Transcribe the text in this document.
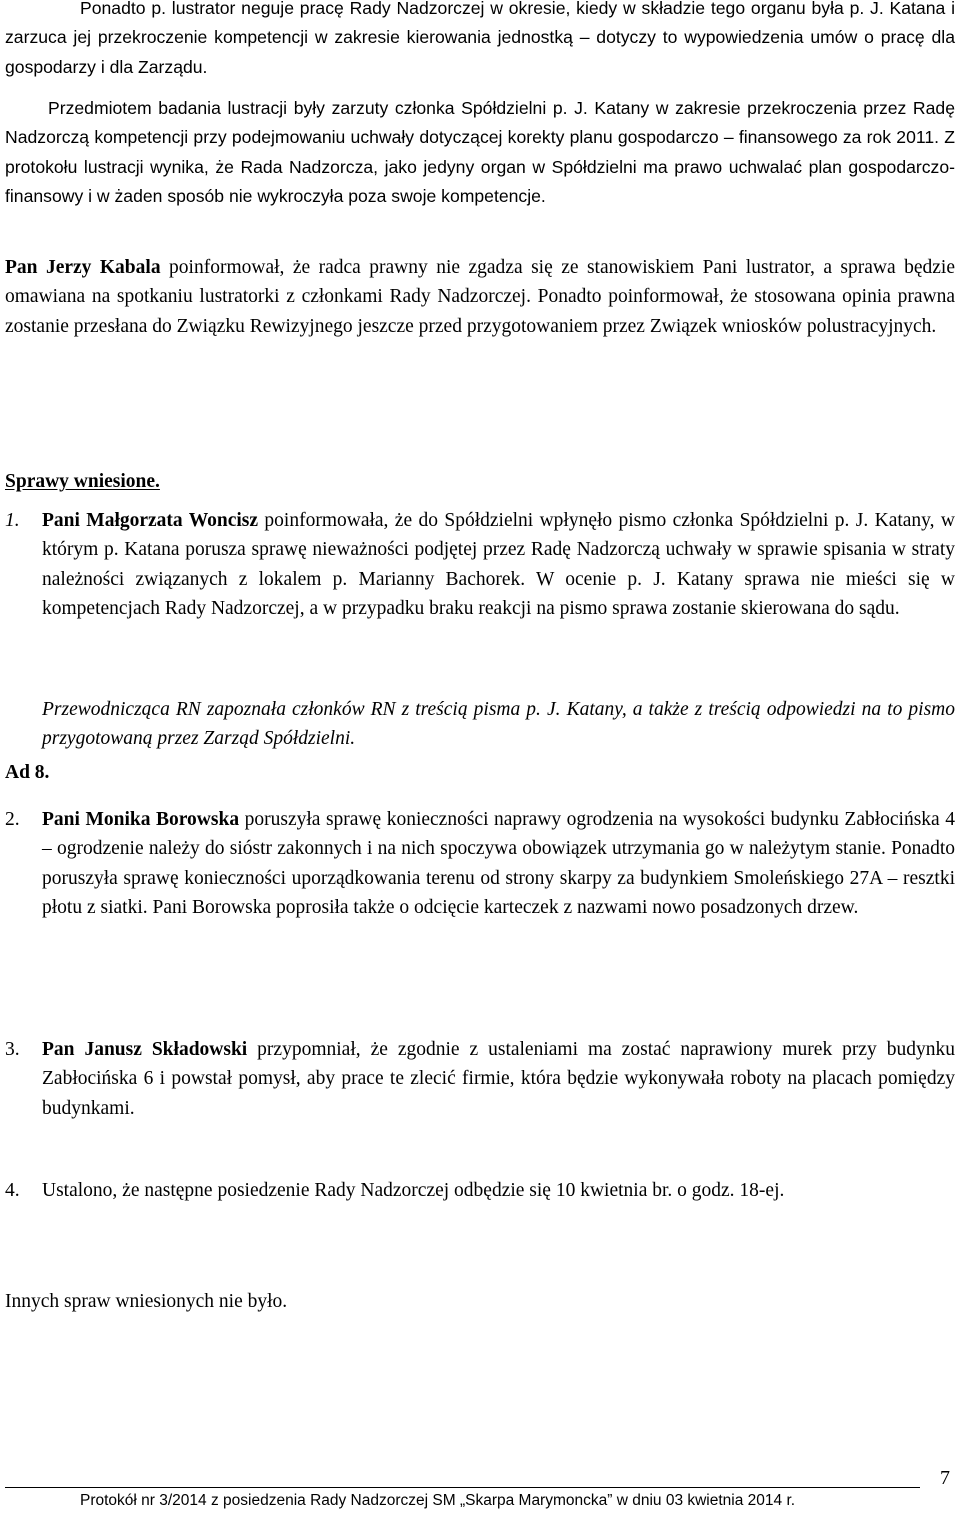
Ponadto p. lustrator neguje pracę Rady Nadzorczej w okresie, kiedy w składzie tego organu była p. J. Katana i zarzuca jej przekroczenie kompetencji w zakresie kierowania jednostką – dotyczy to wypowiedzenia umów o pracę dla gospodarzy i dla Zarządu.

Przedmiotem badania lustracji były zarzuty członka Spółdzielni p. J. Katany w zakresie przekroczenia przez Radę Nadzorczą kompetencji przy podejmowaniu uchwały dotyczącej korekty planu gospodarczo – finansowego za rok 2011. Z protokołu lustracji wynika, że Rada Nadzorcza, jako jedyny organ w Spółdzielni ma prawo uchwalać plan gospodarczo-finansowy i w żaden sposób nie wykroczyła poza swoje kompetencje.

Pan Jerzy Kabala poinformował, że radca prawny nie zgadza się ze stanowiskiem Pani lustrator, a sprawa będzie omawiana na spotkaniu lustratorki z członkami Rady Nadzorczej. Ponadto poinformował, że stosowana opinia prawna zostanie przesłana do Związku Rewizyjnego jeszcze przed przygotowaniem przez Związek wniosków polustracyjnych.

Ad 8.
Sprawy wniesione.
1. Pani Małgorzata Woncisz poinformowała, że do Spółdzielni wpłynęło pismo członka Spółdzielni p. J. Katany, w którym p. Katana porusza sprawę nieważności podjętej przez Radę Nadzorczą uchwały w sprawie spisania w straty należności związanych z lokalem p. Marianny Bachorek. W ocenie p. J. Katany sprawa nie mieści się w kompetencjach Rady Nadzorczej, a w przypadku braku reakcji na pismo sprawa zostanie skierowana do sądu.

Przewodnicząca RN zapoznała członków RN z treścią pisma p. J. Katany, a także z treścią odpowiedzi na to pismo przygotowaną przez Zarząd Spółdzielni.

2. Pani Monika Borowska poruszyła sprawę konieczności naprawy ogrodzenia na wysokości budynku Zabłocińska 4 – ogrodzenie należy do sióstr zakonnych i na nich spoczywa obowiązek utrzymania go w należytym stanie. Ponadto poruszyła sprawę konieczności uporządkowania terenu od strony skarpy za budynkiem Smoleńskiego 27A – resztki płotu z siatki. Pani Borowska poprosiła także o odcięcie karteczek z nazwami nowo posadzonych drzew.

3. Pan Janusz Składowski przypomniał, że zgodnie z ustaleniami ma zostać naprawiony murek przy budynku Zabłocińska 6 i powstał pomysł, aby prace te zlecić firmie, która będzie wykonywała roboty na placach pomiędzy budynkami.

4. Ustalono, że następne posiedzenie Rady Nadzorczej odbędzie się 10 kwietnia br. o godz. 18-ej.

Innych spraw wniesionych nie było.

7
Protokół nr 3/2014 z posiedzenia Rady Nadzorczej SM „Skarpa Marymoncka” w dniu 03 kwietnia 2014 r.
